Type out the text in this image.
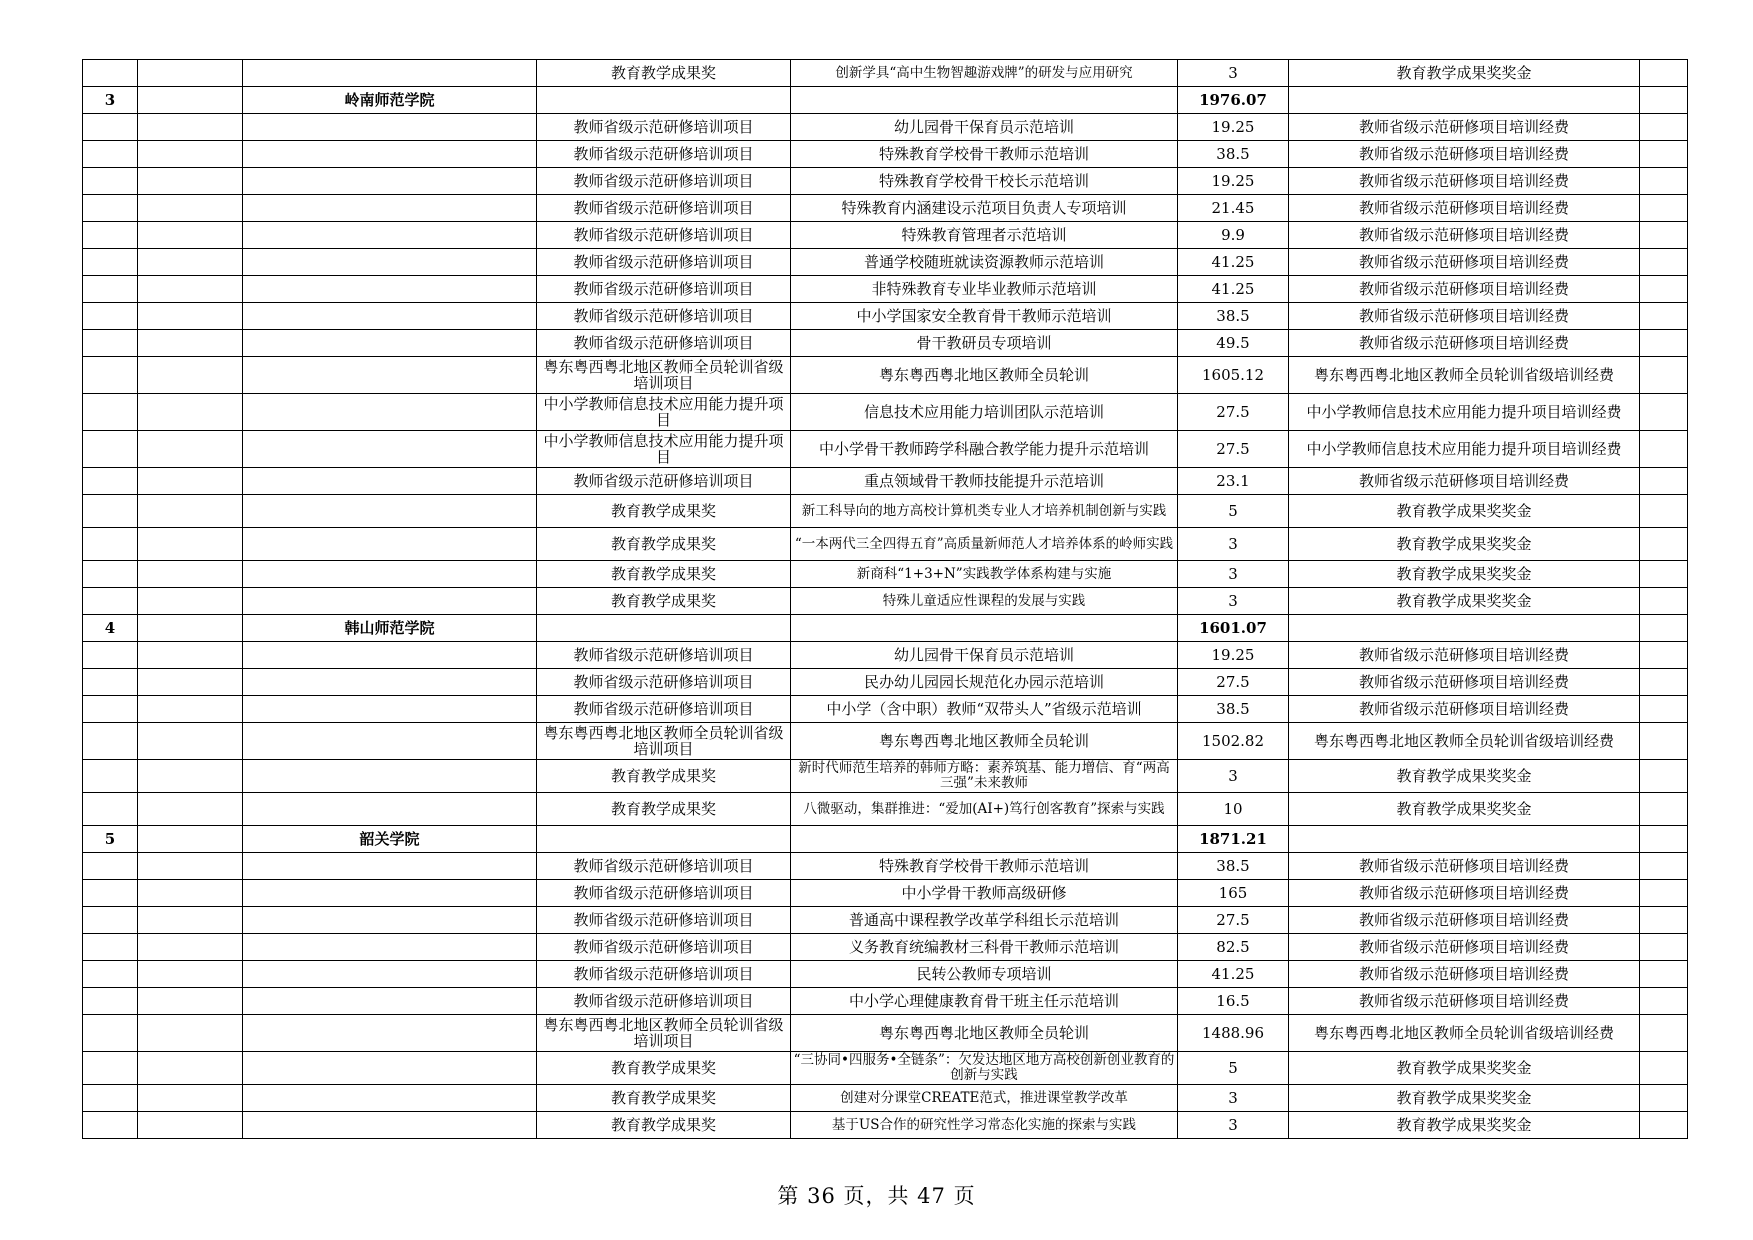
			教育教学成果奖	创新学具“高中生物智趣游戏牌”的研发与应用研究	3	教育教学成果奖奖金	
3		岭南师范学院			1976.07		
			教师省级示范研修培训项目	幼儿园骨干保育员示范培训	19.25	教师省级示范研修项目培训经费	
			教师省级示范研修培训项目	特殊教育学校骨干教师示范培训	38.5	教师省级示范研修项目培训经费	
			教师省级示范研修培训项目	特殊教育学校骨干校长示范培训	19.25	教师省级示范研修项目培训经费	
			教师省级示范研修培训项目	特殊教育内涵建设示范项目负责人专项培训	21.45	教师省级示范研修项目培训经费	
			教师省级示范研修培训项目	特殊教育管理者示范培训	9.9	教师省级示范研修项目培训经费	
			教师省级示范研修培训项目	普通学校随班就读资源教师示范培训	41.25	教师省级示范研修项目培训经费	
			教师省级示范研修培训项目	非特殊教育专业毕业教师示范培训	41.25	教师省级示范研修项目培训经费	
			教师省级示范研修培训项目	中小学国家安全教育骨干教师示范培训	38.5	教师省级示范研修项目培训经费	
			教师省级示范研修培训项目	骨干教研员专项培训	49.5	教师省级示范研修项目培训经费	
			粤东粤西粤北地区教师全员轮训省级培训项目	粤东粤西粤北地区教师全员轮训	1605.12	粤东粤西粤北地区教师全员轮训省级培训经费	
			中小学教师信息技术应用能力提升项目	信息技术应用能力培训团队示范培训	27.5	中小学教师信息技术应用能力提升项目培训经费	
			中小学教师信息技术应用能力提升项目	中小学骨干教师跨学科融合教学能力提升示范培训	27.5	中小学教师信息技术应用能力提升项目培训经费	
			教师省级示范研修培训项目	重点领域骨干教师技能提升示范培训	23.1	教师省级示范研修项目培训经费	
			教育教学成果奖	新工科导向的地方高校计算机类专业人才培养机制创新与实践	5	教育教学成果奖奖金	
			教育教学成果奖	“一本两代三全四得五育”高质量新师范人才培养体系的岭师实践	3	教育教学成果奖奖金	
			教育教学成果奖	新商科“1+3+N”实践教学体系构建与实施	3	教育教学成果奖奖金	
			教育教学成果奖	特殊儿童适应性课程的发展与实践	3	教育教学成果奖奖金	
4		韩山师范学院			1601.07		
			教师省级示范研修培训项目	幼儿园骨干保育员示范培训	19.25	教师省级示范研修项目培训经费	
			教师省级示范研修培训项目	民办幼儿园园长规范化办园示范培训	27.5	教师省级示范研修项目培训经费	
			教师省级示范研修培训项目	中小学（含中职）教师“双带头人”省级示范培训	38.5	教师省级示范研修项目培训经费	
			粤东粤西粤北地区教师全员轮训省级培训项目	粤东粤西粤北地区教师全员轮训	1502.82	粤东粤西粤北地区教师全员轮训省级培训经费	
			教育教学成果奖	新时代师范生培养的韩师方略：素养筑基、能力增信、育“两高三强”未来教师	3	教育教学成果奖奖金	
			教育教学成果奖	八微驱动，集群推进：“爱加(AI+)笃行创客教育”探索与实践	10	教育教学成果奖奖金	
5		韶关学院			1871.21		
			教师省级示范研修培训项目	特殊教育学校骨干教师示范培训	38.5	教师省级示范研修项目培训经费	
			教师省级示范研修培训项目	中小学骨干教师高级研修	165	教师省级示范研修项目培训经费	
			教师省级示范研修培训项目	普通高中课程教学改革学科组长示范培训	27.5	教师省级示范研修项目培训经费	
			教师省级示范研修培训项目	义务教育统编教材三科骨干教师示范培训	82.5	教师省级示范研修项目培训经费	
			教师省级示范研修培训项目	民转公教师专项培训	41.25	教师省级示范研修项目培训经费	
			教师省级示范研修培训项目	中小学心理健康教育骨干班主任示范培训	16.5	教师省级示范研修项目培训经费	
			粤东粤西粤北地区教师全员轮训省级培训项目	粤东粤西粤北地区教师全员轮训	1488.96	粤东粤西粤北地区教师全员轮训省级培训经费	
			教育教学成果奖	“三协同•四服务•全链条”：欠发达地区地方高校创新创业教育的创新与实践	5	教育教学成果奖奖金	
			教育教学成果奖	创建对分课堂CREATE范式，推进课堂教学改革	3	教育教学成果奖奖金	
			教育教学成果奖	基于US合作的研究性学习常态化实施的探索与实践	3	教育教学成果奖奖金	
第 36 页，共 47 页
